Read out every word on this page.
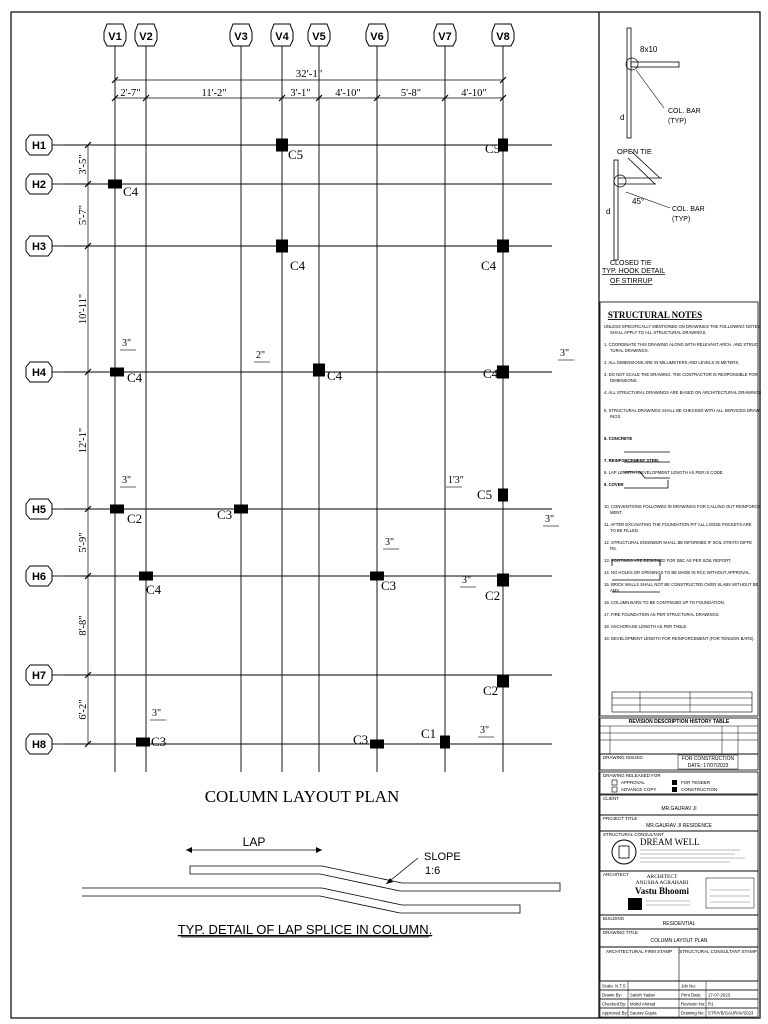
V1 V2	V3	V4 V5	V6	V7	V8
H1
H2
H3
H4
H5
H6
H7
H8
32'-1"
2'-7"	11'-2"	3'-1" 4'-10"	5'-8"	4'-10"
3'-5"
5'-7"
10'-11"
12'-1"
5'-9"
8'-8"
6'-2"
C5	C5
C4
C4	C4
C4	C4	C4
C2	C3
C5
C4	C3
C2
C2
C3	C3	C1
3"
2"
3"
3"
3"
1'3"
3"
3"
3"
3"
COLUMN LAYOUT PLAN
LAP
SLOPE
1:6
TYP. DETAIL OF LAP SPLICE IN COLUMN.
8x10
d
COL. BAR
(TYP)
OPEN TIE
45°
d	COL. BAR
(TYP)
CLOSED TIE
TYP. HOOK DETAIL
OF STIRRUP
STRUCTURAL NOTES
UNLESS SPECIFICALLY MENTIONED ON DRAWINGS THE FOLLOWING NOTES
SHALL APPLY TO ALL STRUCTURAL DRAWINGS.
1. COORDINATE THIS DRAWING ALONG WITH RELEVANT ARCH. AND STRUC
TURAL DRAWINGS.
2. ALL DIMENSIONS ARE IN MILLIMETERS AND LEVELS IN METERS.
3. DO NOT SCALE THE DRAWING. THE CONTRACTOR IS RESPONSIBLE FOR
DIMENSIONS.
4. ALL STRUCTURAL DRAWINGS ARE BASED ON ARCHITECTURAL DRAWINGS
.
5. STRUCTURAL DRAWINGS SHALL BE CHECKED WITH ALL SERVICES DRAW
INGS.
6. CONCRETE
7. REINFORCEMENT STEEL
8. LAP LENGTH / DEVELOPMENT LENGTH AS PER IS CODE.
9. COVER
10. CONVENTIONS FOLLOWED IN DRAWINGS FOR CALLING OUT REINFORCE
MENT.
11. AFTER EXCAVATING THE FOUNDATION PIT ALL LOOSE POCKETS ARE
TO BE FILLED.
12. STRUCTURAL ENGINEER SHALL BE INFORMED IF SOIL STRATA DIFFE
RS.
13. FOOTINGS ARE DESIGNED FOR SBC AS PER SOIL REPORT.
14. NO HOLES OR OPENINGS TO BE MADE IN RCC WITHOUT APPROVAL.
15. BRICK WALLS SHALL NOT BE CONSTRUCTED OVER SLABS WITHOUT BE
AMS.
16. COLUMN BARS TO BE CONTINUED UP TO FOUNDATION.
17. FIRE FOUNDATION AS PER STRUCTURAL DRAWINGS.
18. ANCHORAGE LENGTH AS PER TABLE.
19. DEVELOPMENT LENGTH FOR REINFORCEMENT (FOR TENSION BARS).
REVISION DESCRIPTION HISTORY TABLE
DRAWING ISSUED:	FOR CONSTRUCTION
DATE: 17/07/2023
DRAWING RELEASED FOR
APPROVAL	FOR TENDER
ADVANCE COPY	CONSTRUCTION
CLIENT
MR.GAURAV JI
PROJECT TITLE
MR.GAURAV JI RESIDENCE
STRUCTURAL CONSULTANT
DREAM WELL
ARCHITECT	ARCHITECT
ANUSHA AGRAHARI
Vastu Bhoomi
BUILDING
RESIDENTIAL
DRAWING TITLE
COLUMN LAYOUT PLAN
ARCHITECTURAL FIRM STAMP STRUCTURAL CONSULTANT STAMP
Scale: N.T.S	Job No:
Drawn By: Satish Yadav	Print Date: 17-07-2023
Checked By: Mohd Ahmad	Revision No: R1
Approved By: Saurav Gupta	Drawing No: STR/VB/GAURAV/2023
